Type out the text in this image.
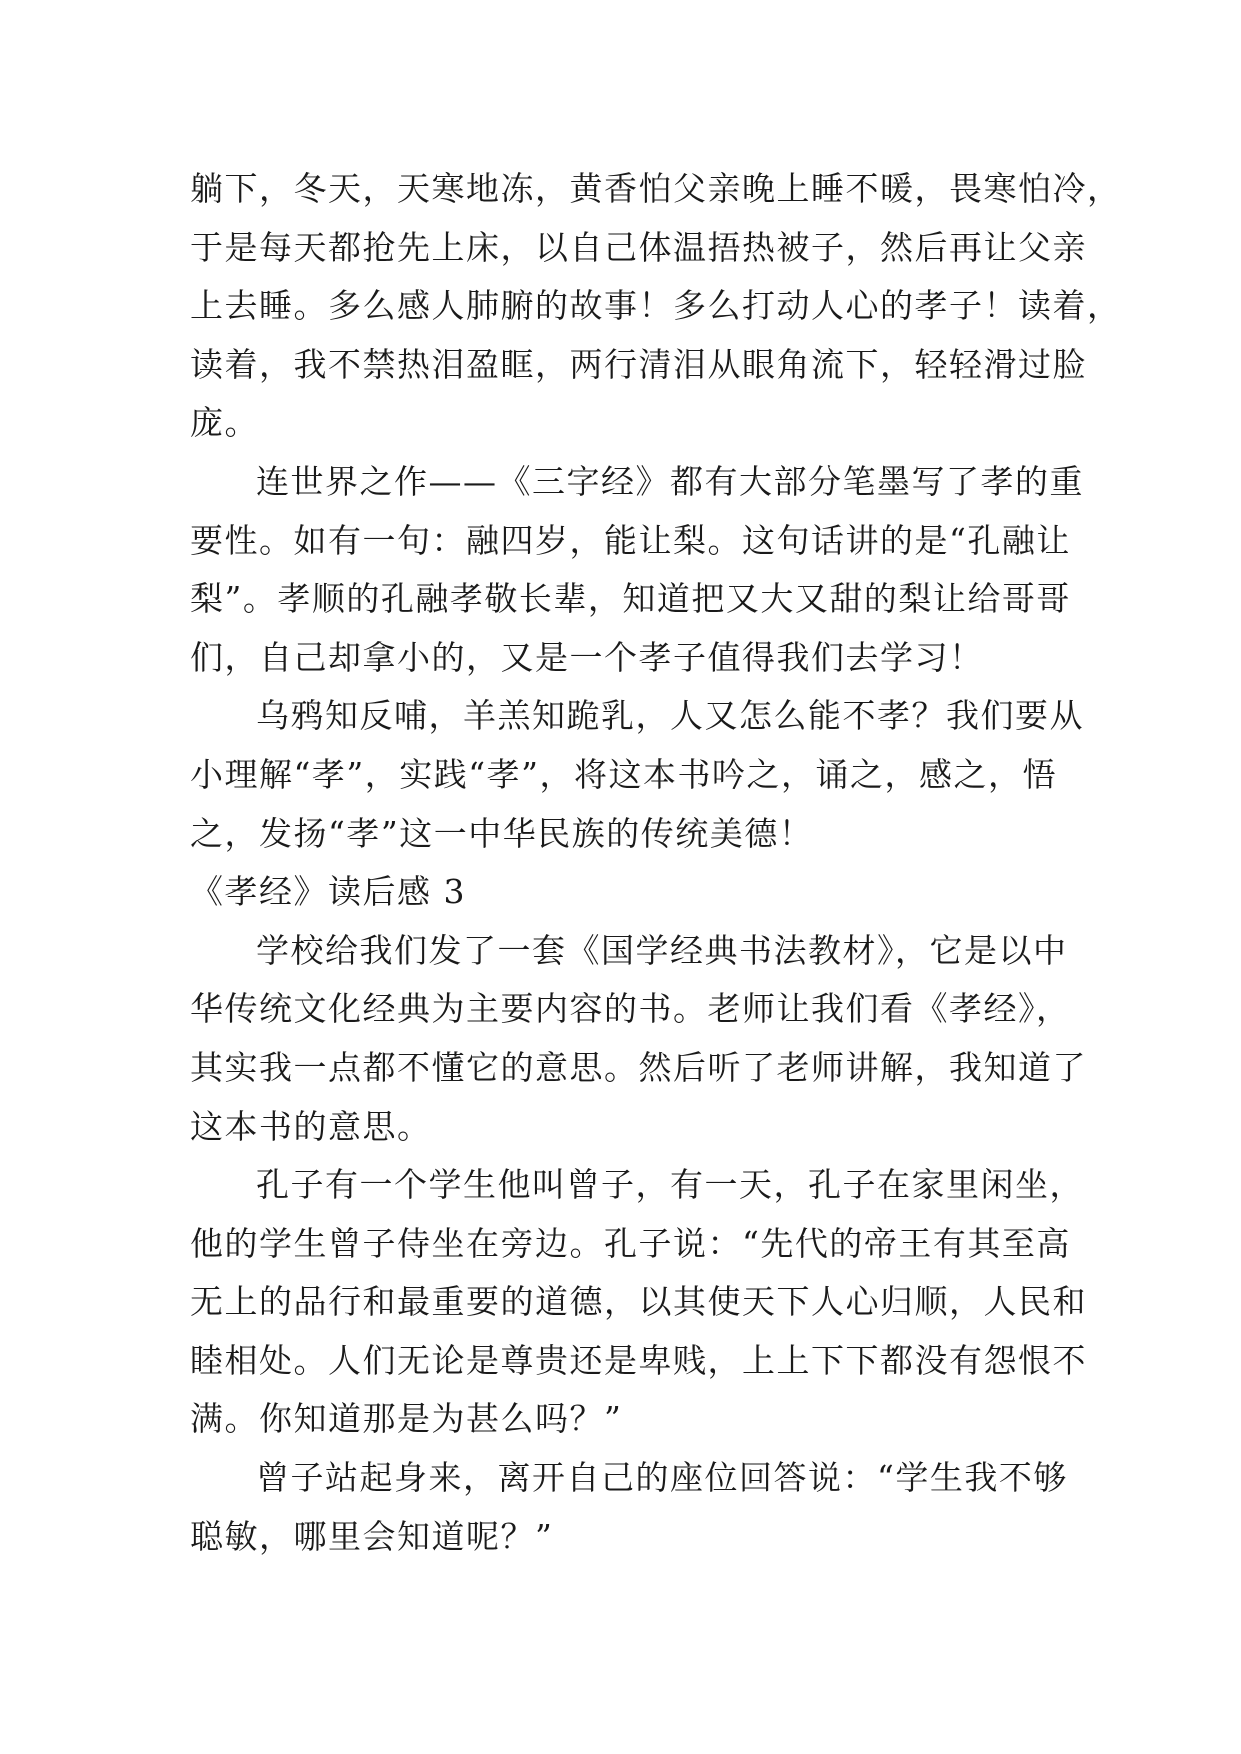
躺下，冬天，天寒地冻，黄香怕父亲晚上睡不暖，畏寒怕冷，
于是每天都抢先上床，以自己体温捂热被子，然后再让父亲
上去睡。多么感人肺腑的故事！多么打动人心的孝子！读着，
读着，我不禁热泪盈眶，两行清泪从眼角流下，轻轻滑过脸
庞。
连世界之作——《三字经》都有大部分笔墨写了孝的重
要性。如有一句：融四岁，能让梨。这句话讲的是“孔融让
梨”。孝顺的孔融孝敬长辈，知道把又大又甜的梨让给哥哥
们，自己却拿小的，又是一个孝子值得我们去学习！
乌鸦知反哺，羊羔知跪乳，人又怎么能不孝？我们要从
小理解“孝”，实践“孝”，将这本书吟之，诵之，感之，悟
之，发扬“孝”这一中华民族的传统美德！
《孝经》读后感 3
学校给我们发了一套《国学经典书法教材》，它是以中
华传统文化经典为主要内容的书。老师让我们看《孝经》，
其实我一点都不懂它的意思。然后听了老师讲解，我知道了
这本书的意思。
孔子有一个学生他叫曾子，有一天，孔子在家里闲坐，
他的学生曾子侍坐在旁边。孔子说：“先代的帝王有其至高
无上的品行和最重要的道德，以其使天下人心归顺，人民和
睦相处。人们无论是尊贵还是卑贱，上上下下都没有怨恨不
满。你知道那是为甚么吗？”
曾子站起身来，离开自己的座位回答说：“学生我不够
聪敏，哪里会知道呢？”
